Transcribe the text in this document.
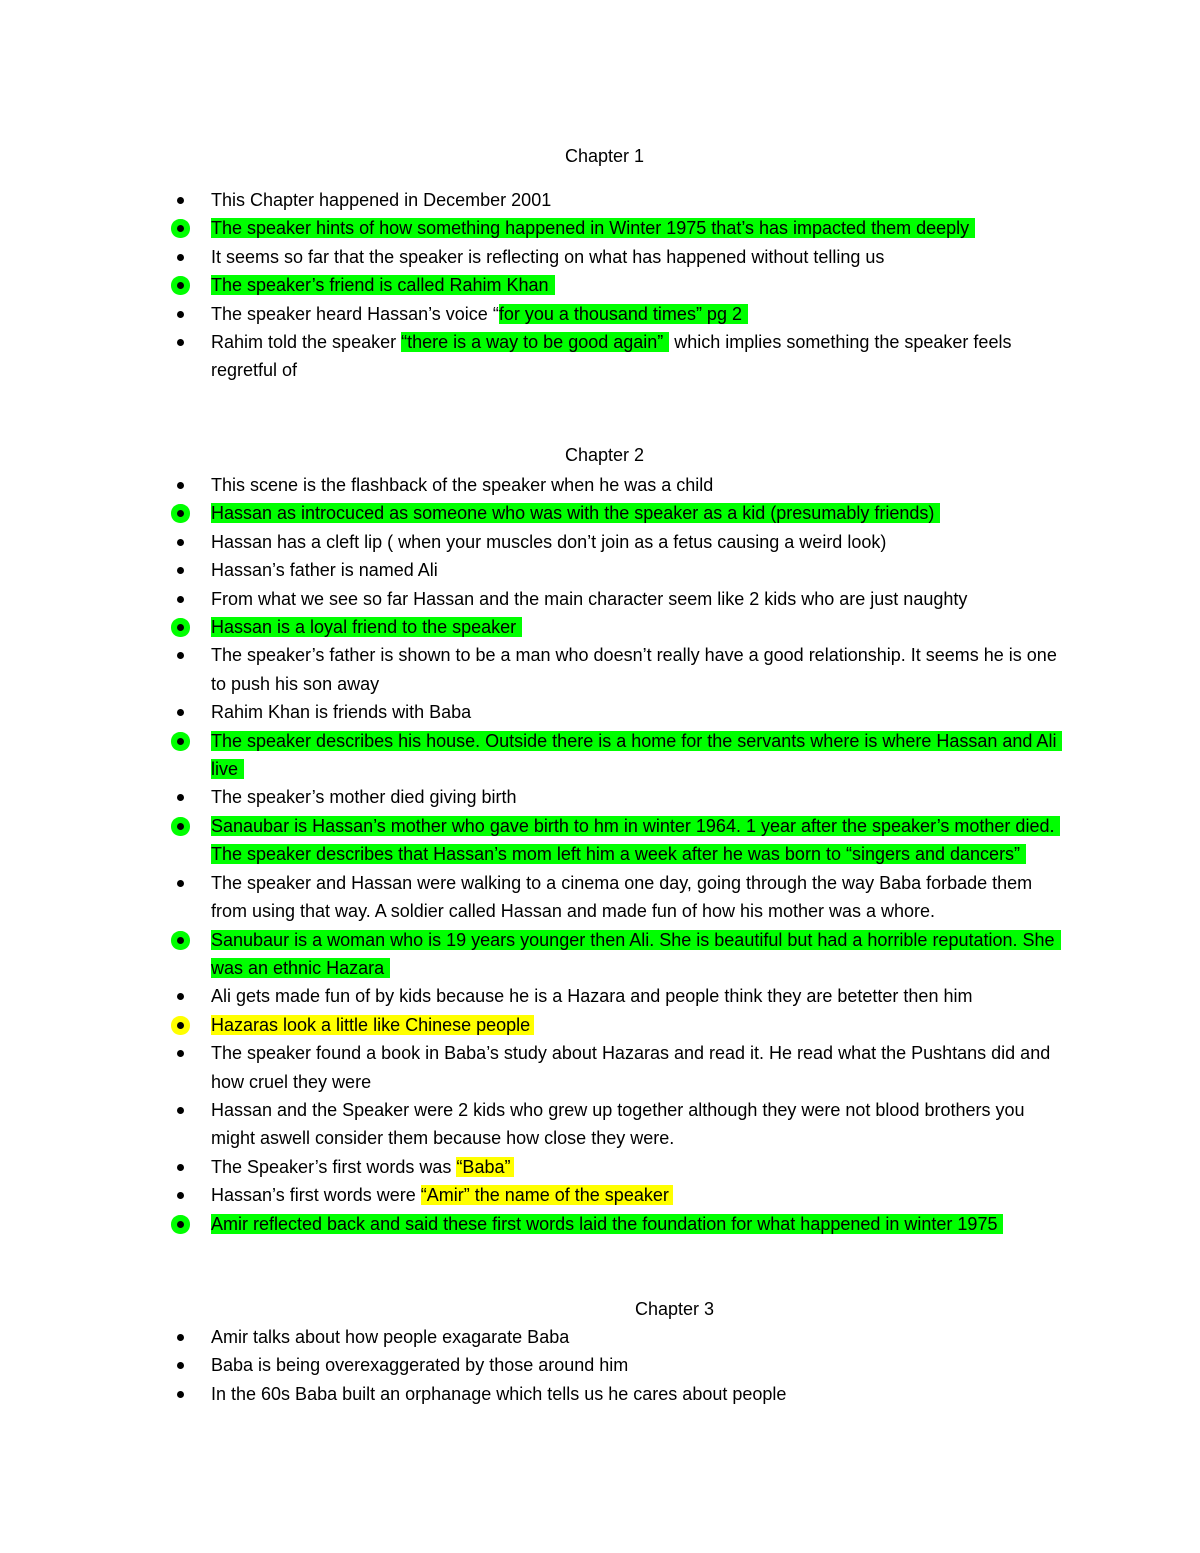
Chapter 1
This Chapter happened in December 2001
The speaker hints of how something happened in Winter 1975 that’s has impacted them deeply
It seems so far that the speaker is reflecting on what has happened without telling us
The speaker’s friend is called Rahim Khan
The speaker heard Hassan’s voice “for you a thousand times” pg 2
Rahim told the speaker “there is a way to be good again” which implies something the speaker feels regretful of
Chapter 2
This scene is the flashback of the speaker when he was a child
Hassan as introcuced as someone who was with the speaker as a kid (presumably friends)
Hassan has a cleft lip ( when your muscles don’t join as a fetus causing a weird look)
Hassan’s father is named Ali
From what we see so far Hassan and the main character seem like 2 kids who are just naughty
Hassan is a loyal friend to the speaker
The speaker’s father is shown to be a man who doesn’t really have a good relationship. It seems he is one to push his son away
Rahim Khan is friends with Baba
The speaker describes his house. Outside there is a home for the servants where is where Hassan and Ali live
The speaker’s mother died giving birth
Sanaubar is Hassan’s mother who gave birth to hm in winter 1964. 1 year after the speaker’s mother died. The speaker describes that Hassan’s mom left him a week after he was born to “singers and dancers”
The speaker and Hassan were walking to a cinema one day, going through the way Baba forbade them from using that way. A soldier called Hassan and made fun of how his mother was a whore.
Sanubaur is a woman who is 19 years younger then Ali. She is beautiful but had a horrible reputation. She was an ethnic Hazara
Ali gets made fun of by kids because he is a Hazara and people think they are betetter then him
Hazaras look a little like Chinese people
The speaker found a book in Baba’s study about Hazaras and read it. He read what the Pushtans did and how cruel they were
Hassan and the Speaker were 2 kids who grew up together although they were not blood brothers you might aswell consider them because how close they were.
The Speaker’s first words was “Baba”
Hassan’s first words were “Amir” the name of the speaker
Amir reflected back and said these first words laid the foundation for what happened in winter 1975
Chapter 3
Amir talks about how people exagarate Baba
Baba is being overexaggerated by those around him
In the 60s Baba built an orphanage which tells us he cares about people
